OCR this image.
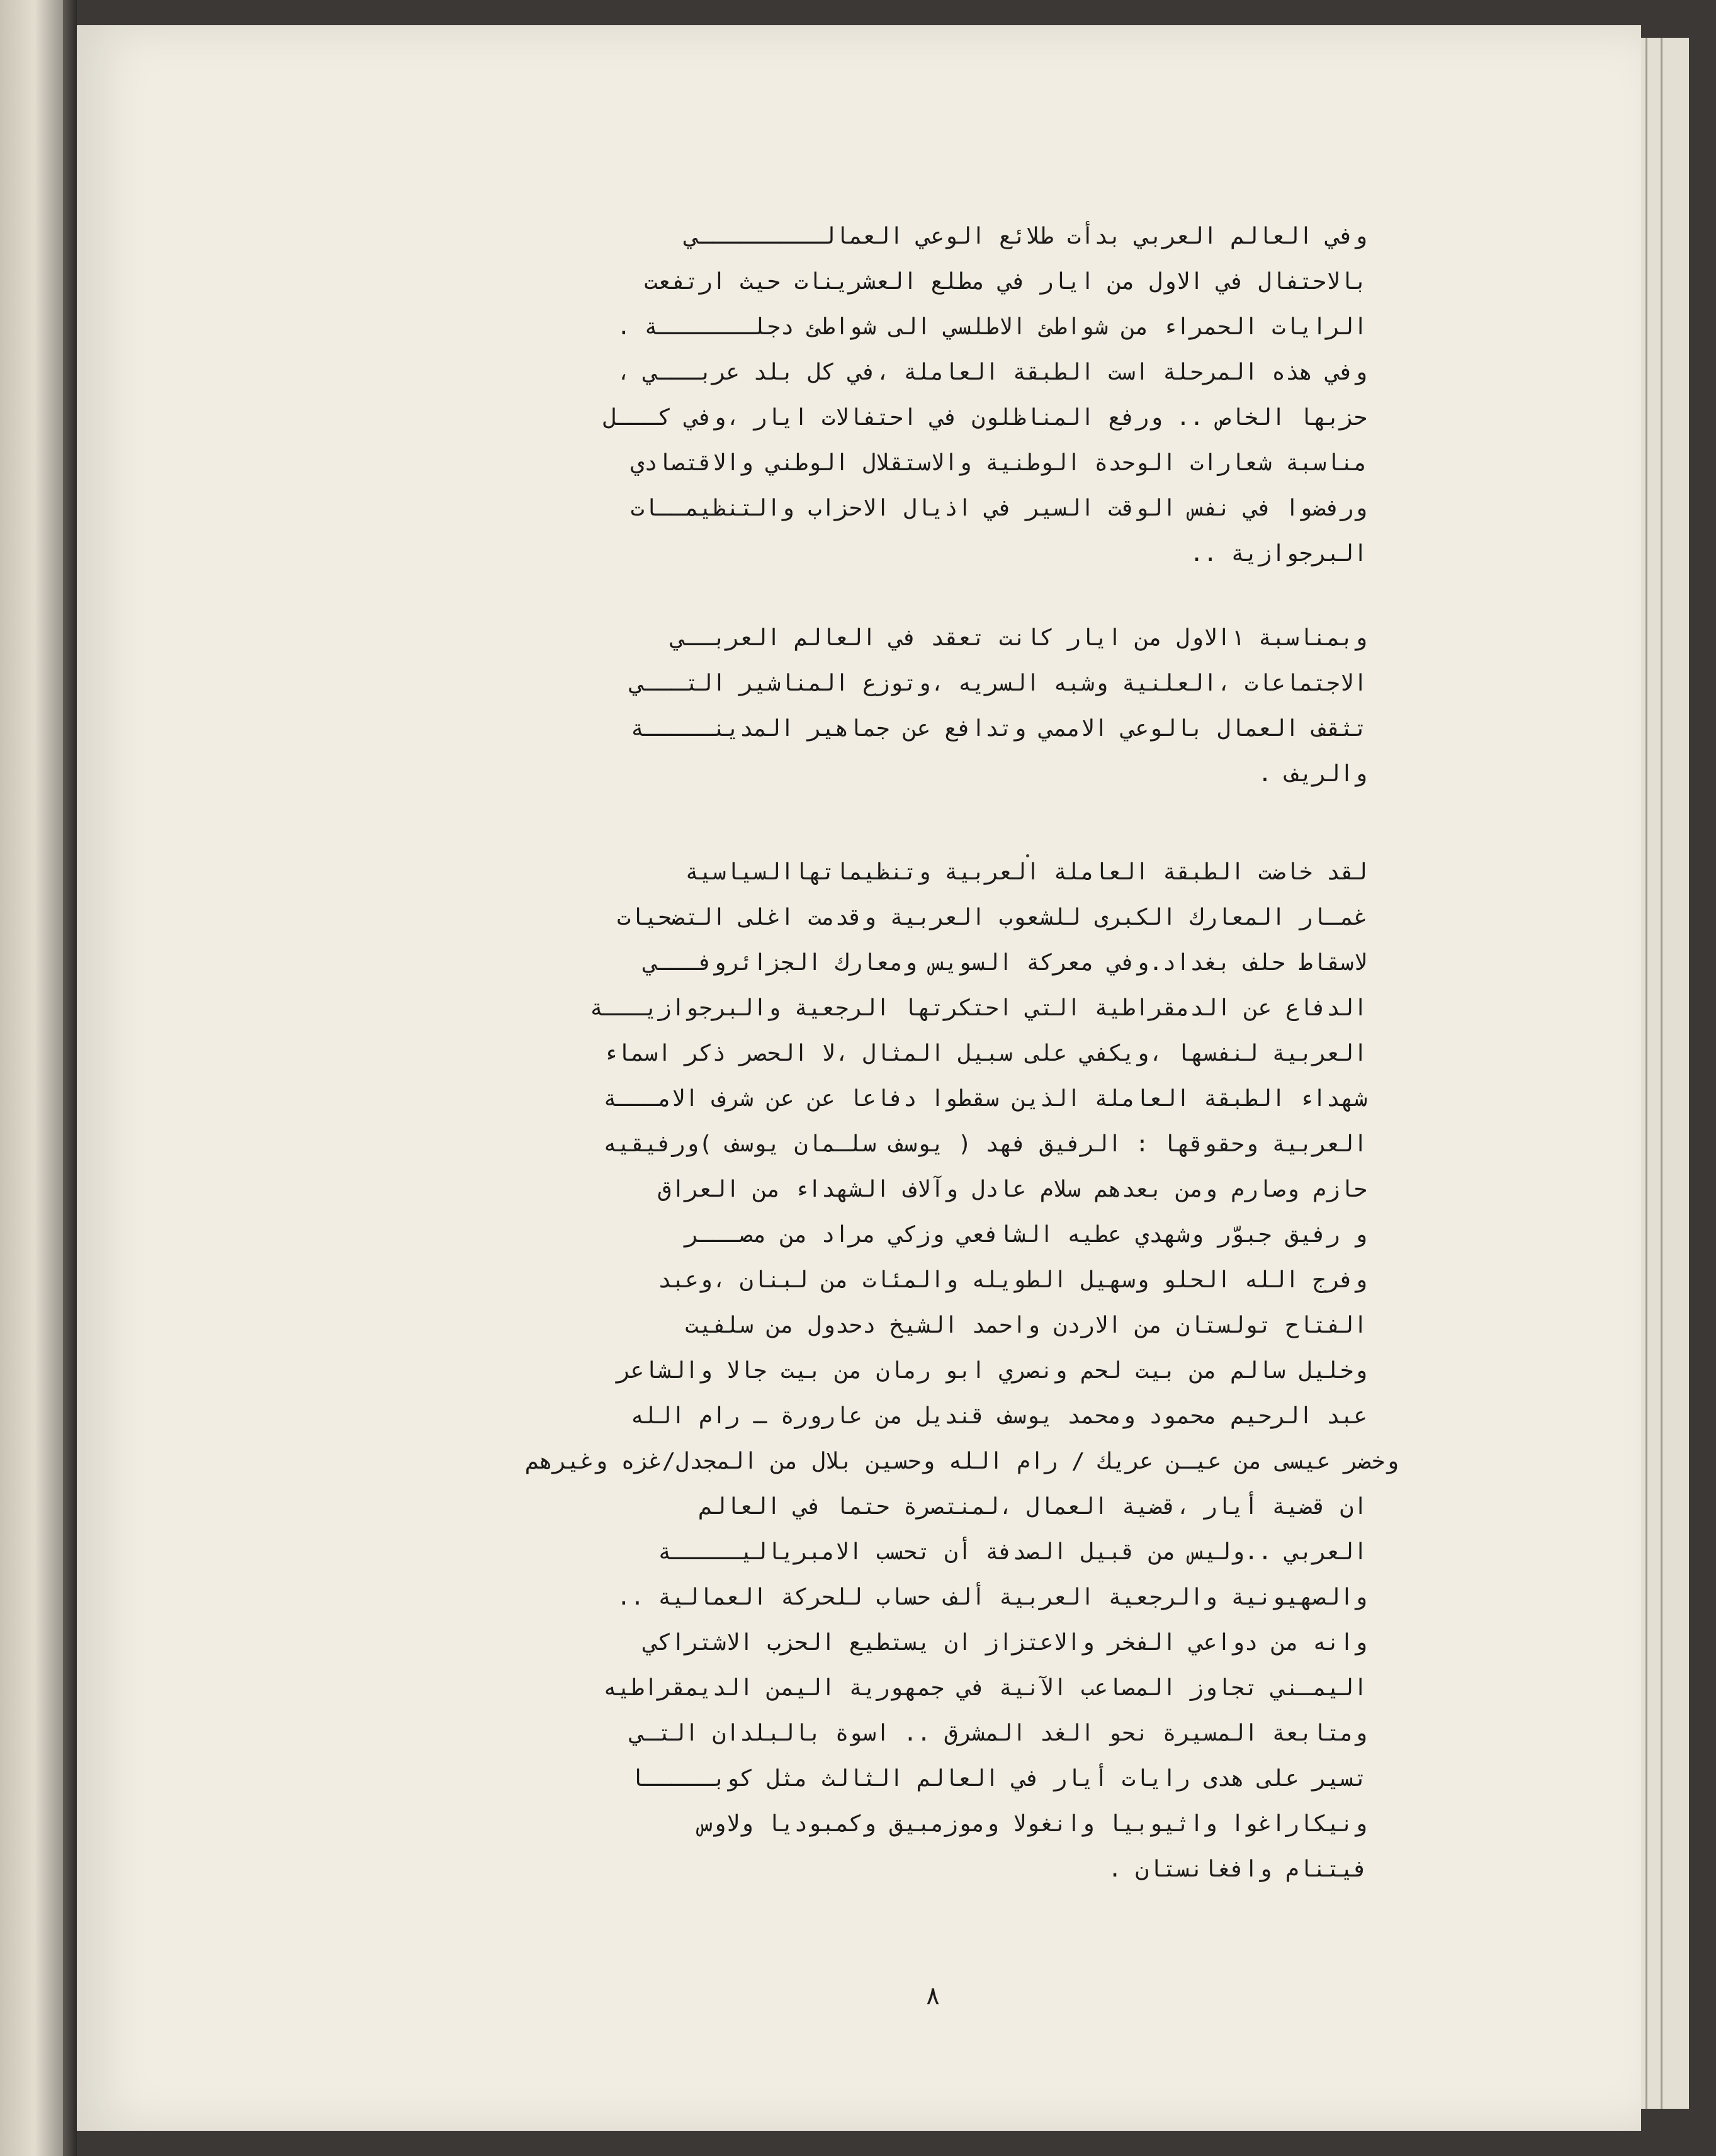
وفي العالم العربي بدأت طلائع الوعي العمالـــــــــي
بالاحتفال في الاول من ايار في مطلع العشرينات حيث ارتفعت
الرايات الحمراء من شواطئ الاطلسي الى شواطئ دجلـــــــة .
وفي هذه المرحلة است الطبقة العاملة ،في كل بلد عربـــي ،
حزبها الخاص .. ورفع المناظلون في احتفالات ايار ،وفي كـــل
مناسبة شعارات الوحدة الوطنية والاستقلال الوطني والاقتصادي
ورفضوا في نفس الوقت السير في اذيال الاحزاب والتنظيمــات
البرجوازية ..
وبمناسبة ١الاول من ايار كانت تعقد في العالم العربــي
الاجتماعات ،العلنية وشبه السريه ،وتوزع المناشير التـــي
تثقف العمال بالوعي الاممي وتدافع عن جماهير المدينـــــة
والريف .
لقد خاضت الطبقة العاملة العربية وتنظيماتهاالسياسية
غمـار المعارك الكبرى للشعوب العربية وقدمت اغلى التضحيات
لاسقاط حلف بغداد.وفي معركة السويس ومعارك الجزائروفـــي
الدفاع عن الدمقراطية التي احتكرتها الرجعية والبرجوازيـــة
العربية لنفسها ،ويكفي على سبيل المثال ،لا الحصر ذكر اسماء
شهداء الطبقة العاملة الذين سقطوا دفاعا عن عن شرف الامـــة
العربية وحقوقها : الرفيق فهد ( يوسف سلـمان يوسف )ورفيقيه
حازم وصارم ومن بعدهم سلام عادل وآلاف الشهداء من العراق
و رفيق جبوّر وشهدي عطيه الشافعي وزكي مراد من مصـــر
وفرج الله الحلو وسهيل الطويله والمئات من لبنان ،وعبد
الفتاح تولستان من الاردن واحمد الشيخ دحدول من سلفيت
وخليل سالم من بيت لحم ونصري ابو رمان من بيت جالا والشاعر
عبد الرحيم محمود ومحمد يوسف قنديل من عارورة ـ رام الله
وخضر عيسى من عيـن عريك / رام الله وحسين بلال من المجدل/غزه وغيرهم
ان قضية أيار ،قضية العمال ،لمنتصرة حتما في العالم
العربي ..وليس من قبيل الصدفة أن تحسب الامبرياليـــــة
والصهيونية والرجعية العربية ألف حساب للحركة العمالية ..
وانه من دواعي الفخر والاعتزاز ان يستطيع الحزب الاشتراكي
اليمـني تجاوز المصاعب الآنية في جمهورية اليمن الديمقراطيه
ومتابعة المسيرة نحو الغد المشرق .. اسوة بالبلدان التـي
تسير على هدى رايات أيار في العالم الثالث مثل كوبـــــا
ونيكاراغوا واثيوبيا وانغولا وموزمبيق وكمبوديا ولاوس
فيتنام وافغانستان .
٨
